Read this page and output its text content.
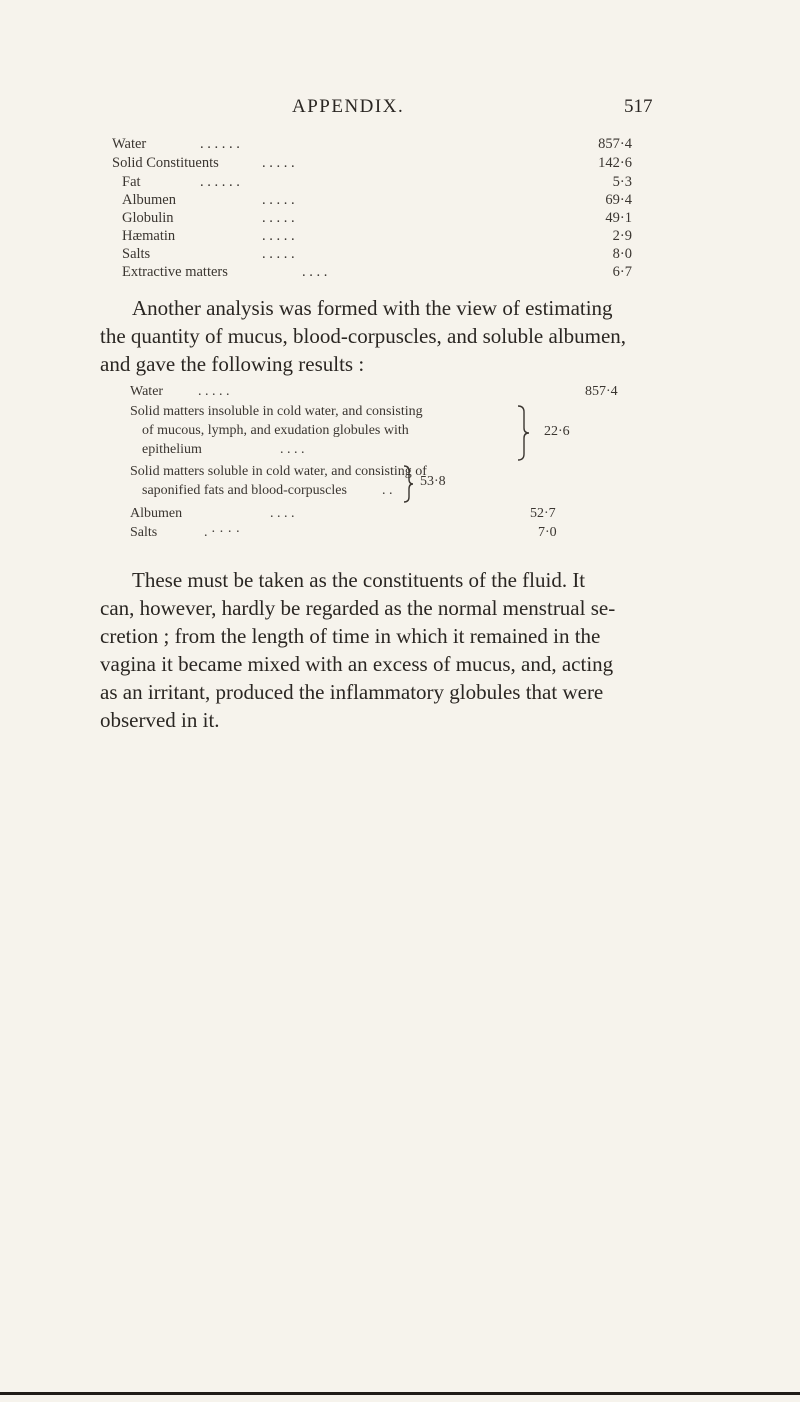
APPENDIX.	517
Water	. . . . . .	857·4
Solid Constituents	. . . . .	142·6
Fat	. . . . . .	5·3
Albumen	. . . . .	69·4
Globulin	. . . . .	49·1
Hæmatin	. . . . .	2·9
Salts	. . . . .	8·0
Extractive matters	. . . .	6·7
Another analysis was formed with the view of estimating
the quantity of mucus, blood-corpuscles, and soluble albumen,
and gave the following results :
Water . . . . .	857·4
Solid matters insoluble in cold water, and consisting
of mucous, lymph, and exudation globules with
epithelium	. . . .
22·6
Solid matters soluble in cold water, and consisting of
saponified fats and blood-corpuscles	. .
53·8
Albumen	. . . .	52·7
Salts	. · · · ·	7·0
These must be taken as the constituents of the fluid. It
can, however, hardly be regarded as the normal menstrual se-
cretion ; from the length of time in which it remained in the
vagina it became mixed with an excess of mucus, and, acting
as an irritant, produced the inflammatory globules that were
observed in it.
